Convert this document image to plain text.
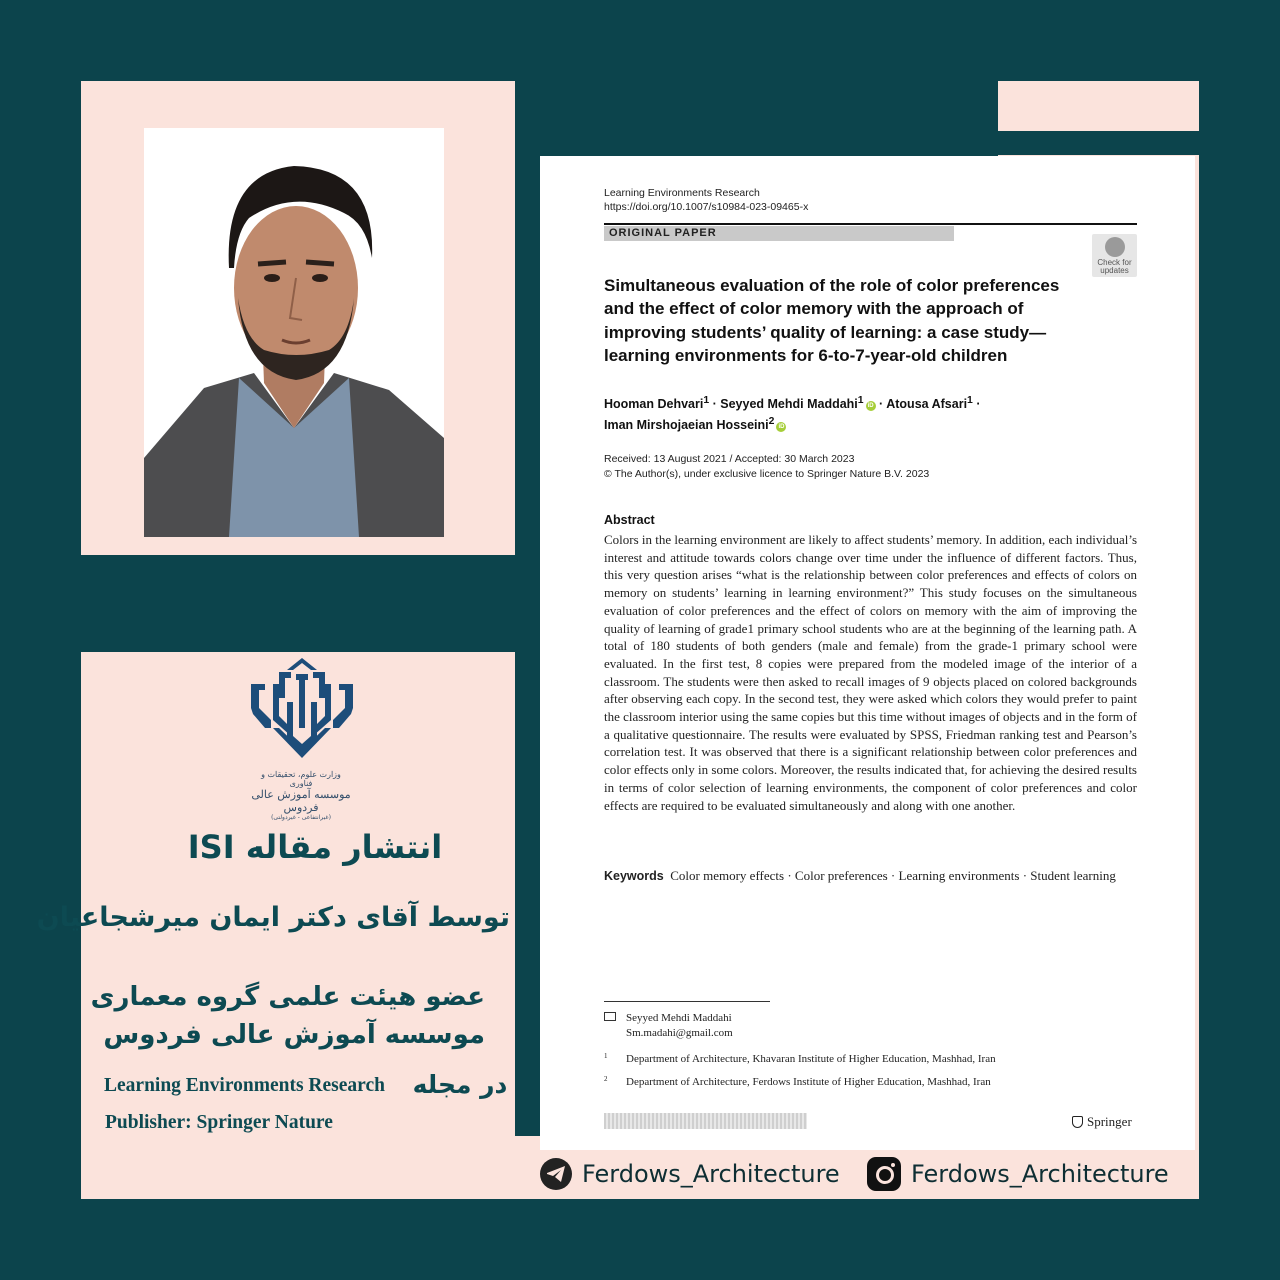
Learning Environments Research
https://doi.org/10.1007/s10984-023-09465-x
ORIGINAL PAPER
Check for
updates
Simultaneous evaluation of the role of color preferences and the effect of color memory with the approach of improving students’ quality of learning: a case study—learning environments for 6-to-7-year-old children
Hooman Dehvari$^1$ · Seyyed Mehdi Maddahi$^1$iD · Atousa Afsari$^1$ ·
Iman Mirshojaeian Hosseini$^2$iD
Received: 13 August 2021 / Accepted: 30 March 2023
© The Author(s), under exclusive licence to Springer Nature B.V. 2023
Abstract
Colors in the learning environment are likely to affect students’ memory. In addition, each individual’s interest and attitude towards colors change over time under the influence of different factors. Thus, this very question arises “what is the relationship between color preferences and effects of colors on memory on students’ learning in learning environment?” This study focuses on the simultaneous evaluation of color preferences and the effect of colors on memory with the aim of improving the quality of learning of grade1 primary school students who are at the beginning of the learning path. A total of 180 students of both genders (male and female) from the grade-1 primary school were evaluated. In the first test, 8 copies were prepared from the modeled image of the interior of a classroom. The students were then asked to recall images of 9 objects placed on colored backgrounds after observing each copy. In the second test, they were asked which colors they would prefer to paint the classroom interior using the same copies but this time without images of objects and in the form of a qualitative questionnaire. The results were evaluated by SPSS, Friedman ranking test and Pearson’s correlation test. It was observed that there is a significant relationship between color preferences and color effects only in some colors. Moreover, the results indicated that, for achieving the desired results in terms of color selection of learning environments, the component of color preferences and color effects are required to be evaluated simultaneously and along with one another.
Keywords Color memory effects · Color preferences · Learning environments · Student learning
Seyyed Mehdi Maddahi
Sm.madahi@gmail.com
$^1$ Department of Architecture, Khavaran Institute of Higher Education, Mashhad, Iran
$^2$ Department of Architecture, Ferdows Institute of Higher Education, Mashhad, Iran
Springer
وزارت علوم، تحقیقات و فناوری
موسسه آموزش عالی فردوس
(غیرانتفاعی - غیردولتی)
انتشار مقاله ISI
توسط آقای دکتر ایمان میرشجاعیان
عضو هیئت علمی گروه معماری
موسسه آموزش عالی فردوس
در مجله
Learning Environments Research
Publisher: Springer Nature
Ferdows_Architecture	Ferdows_Architecture
